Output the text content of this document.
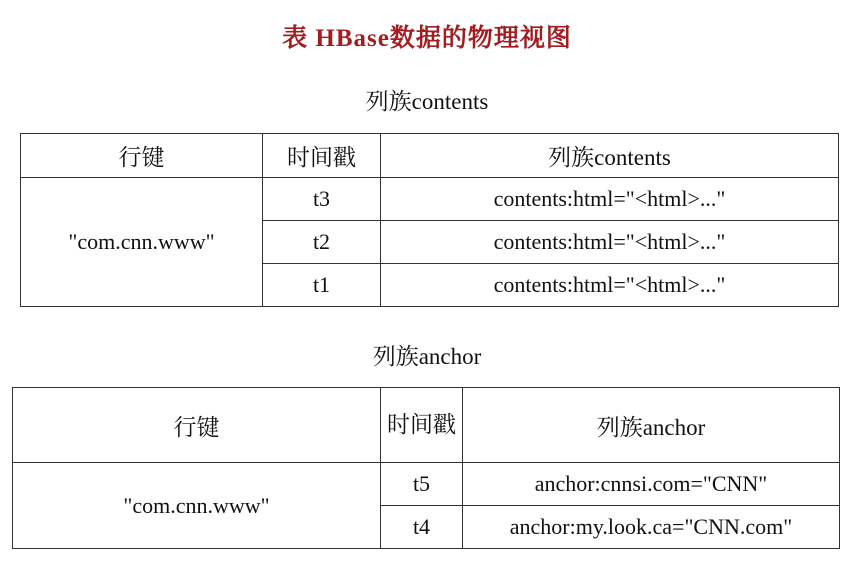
表 HBase数据的物理视图
列族contents
行键	时间戳	列族contents
"com.cnn.www"	t3	contents:html="<html>..."
	t2	contents:html="<html>..."
	t1	contents:html="<html>..."
列族anchor
行键	时间戳	列族anchor
"com.cnn.www"	t5	anchor:cnnsi.com="CNN"
	t4	anchor:my.look.ca="CNN.com"
